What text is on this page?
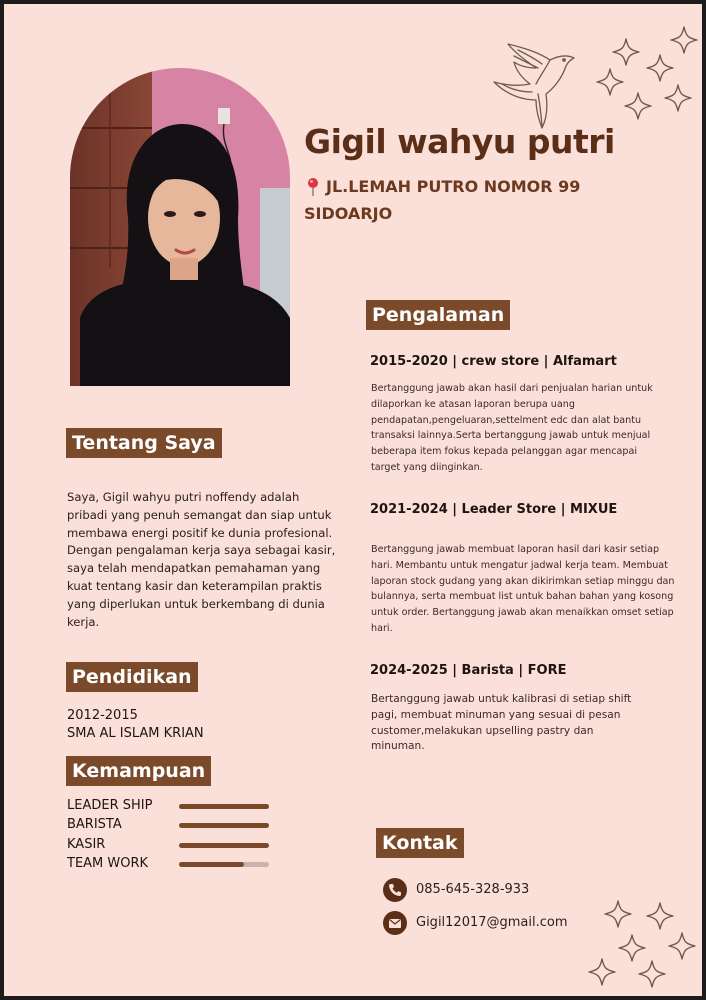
Gigil wahyu putri
JL.LEMAH PUTRO NOMOR 99
SIDOARJO
Tentang Saya
Saya, Gigil wahyu putri noffendy adalah
pribadi yang penuh semangat dan siap untuk
membawa energi positif ke dunia profesional.
Dengan pengalaman kerja saya sebagai kasir,
saya telah mendapatkan pemahaman yang
kuat tentang kasir dan keterampilan praktis
yang diperlukan untuk berkembang di dunia
kerja.
Pendidikan
2012-2015
SMA AL ISLAM KRIAN
Kemampuan
LEADER SHIP
BARISTA
KASIR
TEAM WORK
Pengalaman
2015-2020 | crew store | Alfamart
Bertanggung jawab akan hasil dari penjualan harian untuk
dilaporkan ke atasan laporan berupa uang
pendapatan,pengeluaran,settelment edc dan alat bantu
transaksi lainnya.Serta bertanggung jawab untuk menjual
beberapa item fokus kepada pelanggan agar mencapai
target yang diinginkan.
2021-2024 | Leader Store | MIXUE
Bertanggung jawab membuat laporan hasil dari kasir setiap
hari. Membantu untuk mengatur jadwal kerja team. Membuat
laporan stock gudang yang akan dikirimkan setiap minggu dan
bulannya, serta membuat list untuk bahan bahan yang kosong
untuk order. Bertanggung jawab akan menaikkan omset setiap
hari.
2024-2025 | Barista | FORE
Bertanggung jawab untuk kalibrasi di setiap shift
pagi, membuat minuman yang sesuai di pesan
customer,melakukan upselling pastry dan
minuman.
Kontak
085-645-328-933
Gigil12017@gmail.com
